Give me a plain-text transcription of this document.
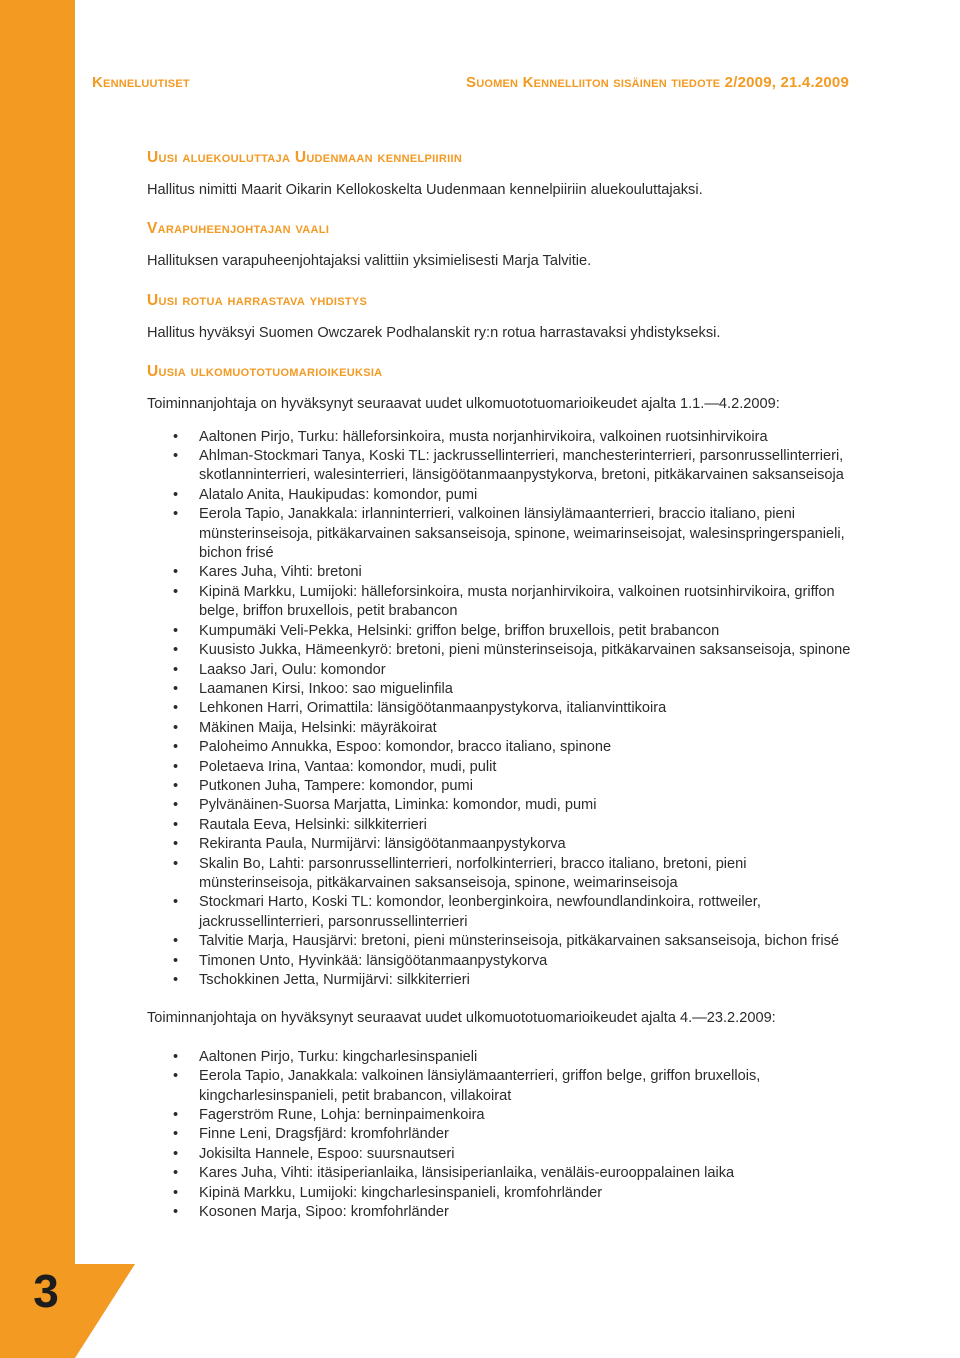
3
Kenneluutiset	Suomen Kennelliiton sisäinen tiedote 2/2009, 21.4.2009
Uusi aluekouluttaja Uudenmaan kennelpiiriin

Hallitus nimitti Maarit Oikarin Kellokoskelta Uudenmaan kennelpiiriin aluekouluttajaksi.

Varapuheenjohtajan vaali

Hallituksen varapuheenjohtajaksi valittiin yksimielisesti Marja Talvitie.

Uusi rotua harrastava yhdistys

Hallitus hyväksyi Suomen Owczarek Podhalanskit ry:n rotua harrastavaksi yhdistykseksi.

Uusia ulkomuototuomarioikeuksia

Toiminnanjohtaja on hyväksynyt seuraavat uudet ulkomuototuomarioikeudet ajalta 1.1.—4.2.2009:

• Aaltonen Pirjo, Turku: hälleforsinkoira, musta norjanhirvikoira, valkoinen ruotsinhirvikoira
• Ahlman-Stockmari Tanya, Koski TL: jackrussellinterrieri, manchesterinterrieri, parsonrussellinterrieri, skotlanninterrieri, walesinterrieri, länsigöötanmaanpystykorva, bretoni, pitkäkarvainen saksanseisoja
• Alatalo Anita, Haukipudas: komondor, pumi
• Eerola Tapio, Janakkala: irlanninterrieri, valkoinen länsiylämaanterrieri, braccio italiano, pieni münsterinseisoja, pitkäkarvainen saksanseisoja, spinone, weimarinseisojat, walesinspringerspanieli, bichon frisé
• Kares Juha, Vihti: bretoni
• Kipinä Markku, Lumijoki: hälleforsinkoira, musta norjanhirvikoira, valkoinen ruotsinhirvikoira, griffon belge, briffon bruxellois, petit brabancon
• Kumpumäki Veli-Pekka, Helsinki: griffon belge, briffon bruxellois, petit brabancon
• Kuusisto Jukka, Hämeenkyrö: bretoni, pieni münsterinseisoja, pitkäkarvainen saksanseisoja, spinone
• Laakso Jari, Oulu: komondor
• Laamanen Kirsi, Inkoo: sao miguelinfila
• Lehkonen Harri, Orimattila: länsigöötanmaanpystykorva, italianvinttikoira
• Mäkinen Maija, Helsinki: mäyräkoirat
• Paloheimo Annukka, Espoo: komondor, bracco italiano, spinone
• Poletaeva Irina, Vantaa: komondor, mudi, pulit
• Putkonen Juha, Tampere: komondor, pumi
• Pylvänäinen-Suorsa Marjatta, Liminka: komondor, mudi, pumi
• Rautala Eeva, Helsinki: silkkiterrieri
• Rekiranta Paula, Nurmijärvi: länsigöötanmaanpystykorva
• Skalin Bo, Lahti: parsonrussellinterrieri, norfolkinterrieri, bracco italiano, bretoni, pieni münsterinseisoja, pitkäkarvainen saksanseisoja, spinone, weimarinseisoja
• Stockmari Harto, Koski TL: komondor, leonberginkoira, newfoundlandinkoira, rottweiler, jackrussellinterrieri, parsonrussellinterrieri
• Talvitie Marja, Hausjärvi: bretoni, pieni münsterinseisoja, pitkäkarvainen saksanseisoja, bichon frisé
• Timonen Unto, Hyvinkää: länsigöötanmaanpystykorva
• Tschokkinen Jetta, Nurmijärvi: silkkiterrieri

Toiminnanjohtaja on hyväksynyt seuraavat uudet ulkomuototuomarioikeudet ajalta 4.—23.2.2009:

• Aaltonen Pirjo, Turku: kingcharlesinspanieli
• Eerola Tapio, Janakkala: valkoinen länsiylämaanterrieri, griffon belge, griffon bruxellois, kingcharlesinspanieli, petit brabancon, villakoirat
• Fagerström Rune, Lohja: berninpaimenkoira
• Finne Leni, Dragsfjärd: kromfohrländer
• Jokisilta Hannele, Espoo: suursnautseri
• Kares Juha, Vihti: itäsiperianlaika, länsisiperianlaika, venäläis-eurooppalainen laika
• Kipinä Markku, Lumijoki: kingcharlesinspanieli, kromfohrländer
• Kosonen Marja, Sipoo: kromfohrländer
